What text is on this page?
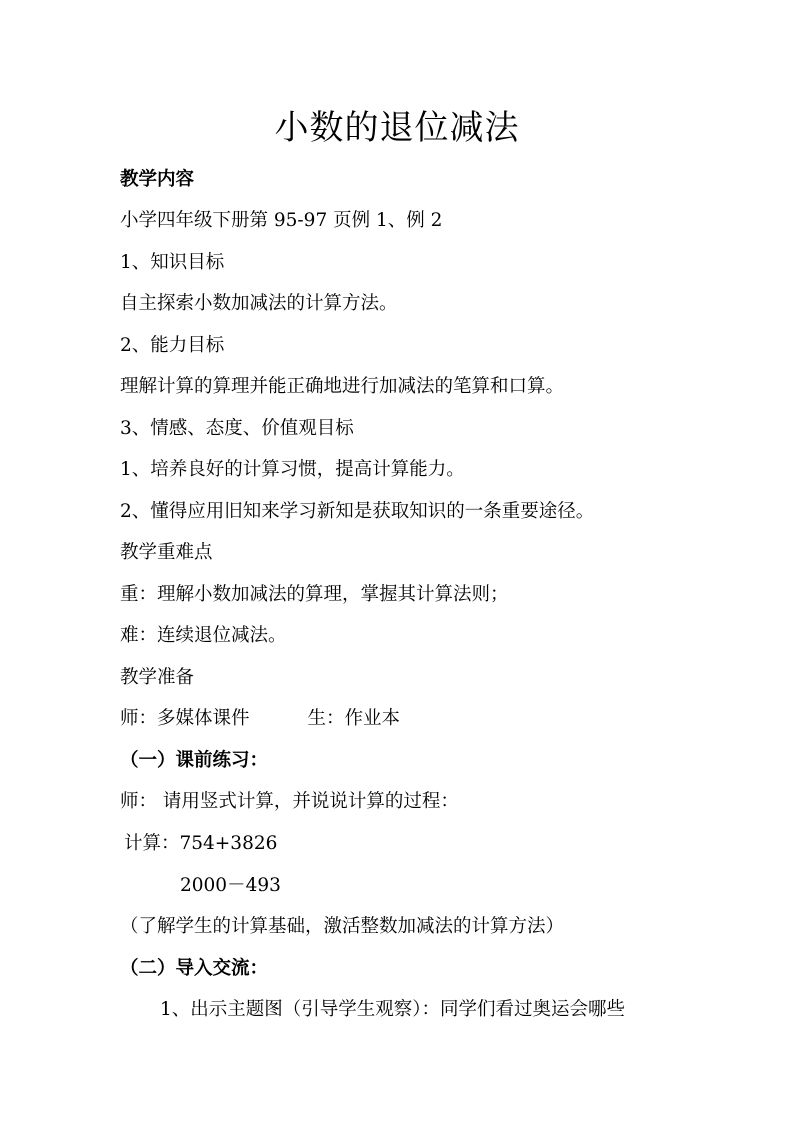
小数的退位减法
教学内容
小学四年级下册第 95-97 页例 1、例 2
1、知识目标
自主探索小数加减法的计算方法。
2、能力目标
理解计算的算理并能正确地进行加减法的笔算和口算。
3、情感、态度、价值观目标
1、培养良好的计算习惯，提高计算能力。
2、懂得应用旧知来学习新知是获取知识的一条重要途径。
教学重难点
重：理解小数加减法的算理，掌握其计算法则；
难：连续退位减法。
教学准备
师：多媒体课件	生：作业本
（一）课前练习：
师： 请用竖式计算，并说说计算的过程：
计算：754+3826
2000－493
（了解学生的计算基础，激活整数加减法的计算方法）
（二）导入交流：
1、出示主题图（引导学生观察）：同学们看过奥运会哪些
